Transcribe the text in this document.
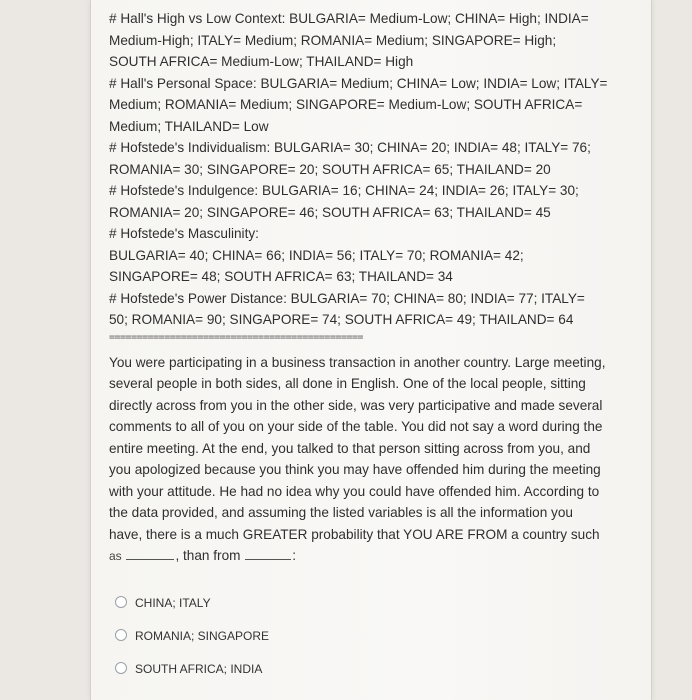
# Hall's High vs Low Context: BULGARIA= Medium-Low; CHINA= High; INDIA=

Medium-High; ITALY= Medium; ROMANIA= Medium; SINGAPORE= High;

SOUTH AFRICA= Medium-Low; THAILAND= High

# Hall's Personal Space: BULGARIA= Medium; CHINA= Low; INDIA= Low; ITALY=

Medium; ROMANIA= Medium; SINGAPORE= Medium-Low; SOUTH AFRICA=

Medium; THAILAND= Low

# Hofstede's Individualism: BULGARIA= 30; CHINA= 20; INDIA= 48; ITALY= 76;

ROMANIA= 30; SINGAPORE= 20; SOUTH AFRICA= 65; THAILAND= 20

# Hofstede's Indulgence: BULGARIA= 16; CHINA= 24; INDIA= 26; ITALY= 30;

ROMANIA= 20; SINGAPORE= 46; SOUTH AFRICA= 63; THAILAND= 45

# Hofstede's Masculinity:

BULGARIA= 40; CHINA= 66; INDIA= 56; ITALY= 70; ROMANIA= 42;

SINGAPORE= 48; SOUTH AFRICA= 63; THAILAND= 34

# Hofstede's Power Distance: BULGARIA= 70; CHINA= 80; INDIA= 77; ITALY=

50; ROMANIA= 90; SINGAPORE= 74; SOUTH AFRICA= 49; THAILAND= 64

==============================================

You were participating in a business transaction in another country. Large meeting,

several people in both sides, all done in English. One of the local people, sitting

directly across from you in the other side, was very participative and made several

comments to all of you on your side of the table. You did not say a word during the

entire meeting. At the end, you talked to that person sitting across from you, and

you apologized because you think you may have offended him during the meeting

with your attitude. He had no idea why you could have offended him. According to

the data provided, and assuming the listed variables is all the information you

have, there is a much GREATER probability that YOU ARE FROM a country such

as	, than from	:

CHINA; ITALY
ROMANIA; SINGAPORE
SOUTH AFRICA; INDIA
